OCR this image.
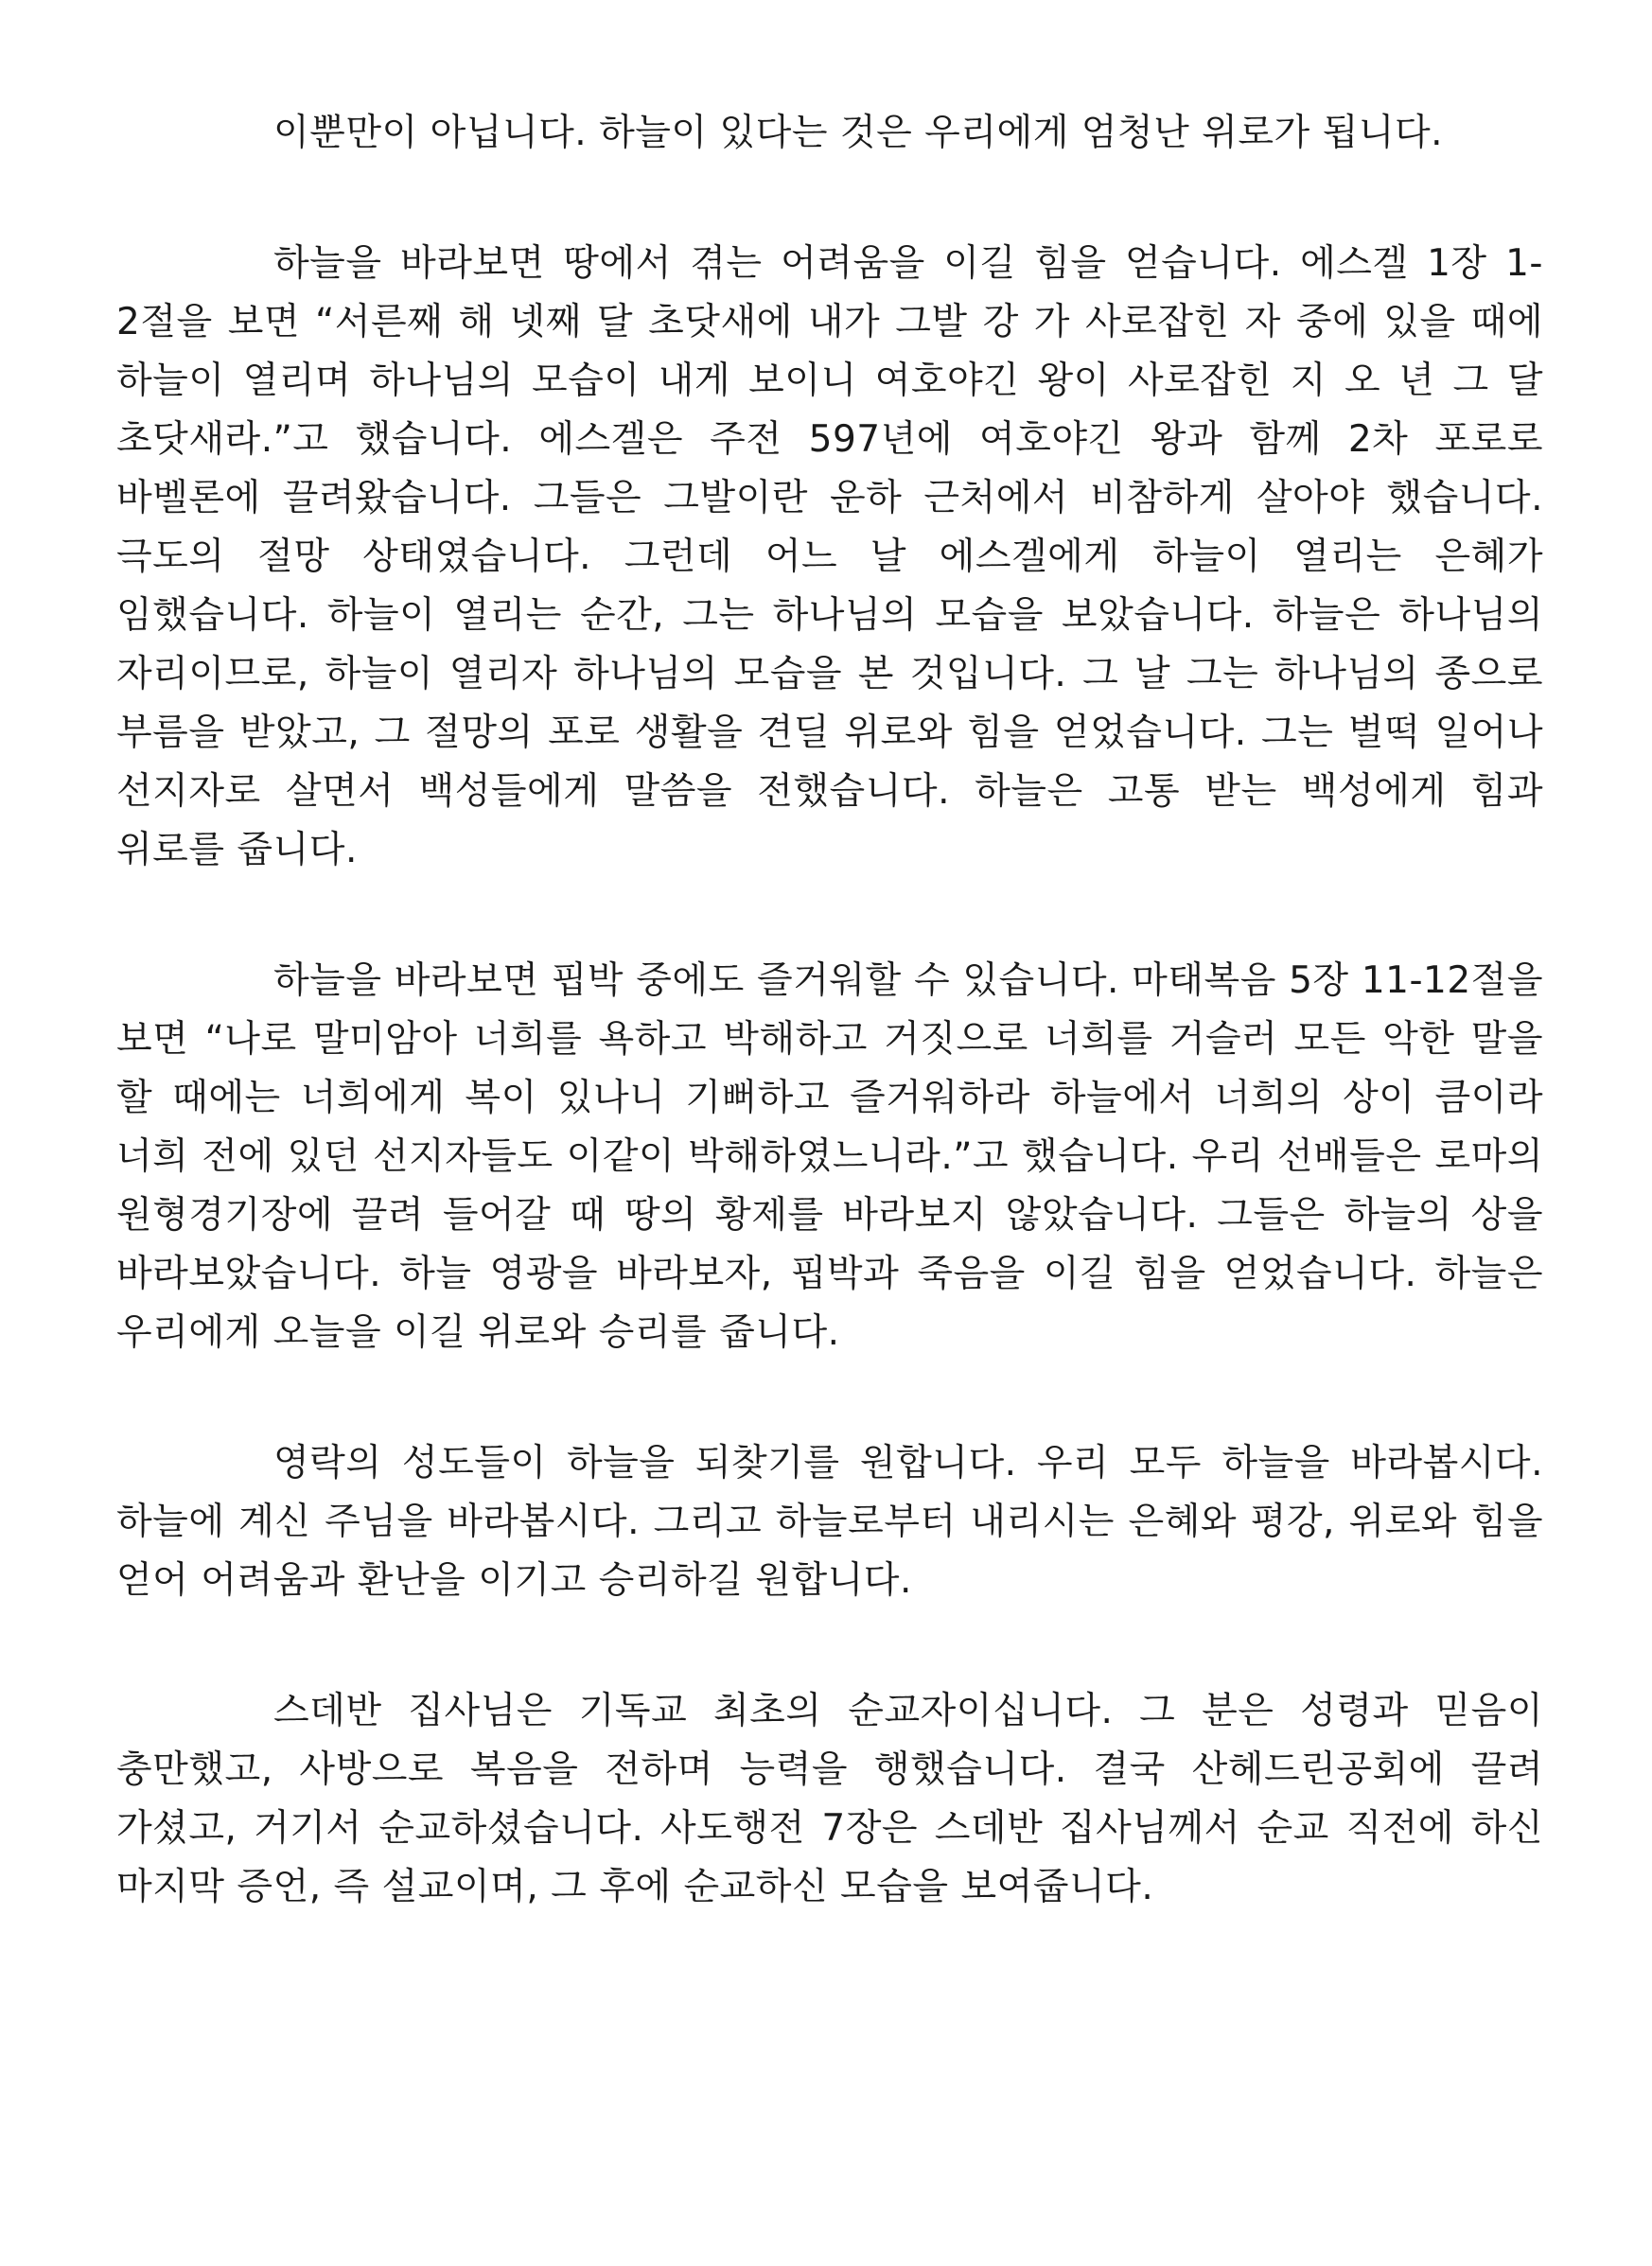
이뿐만이 아닙니다. 하늘이 있다는 것은 우리에게 엄청난 위로가 됩니다.

하늘을 바라보면 땅에서 겪는 어려움을 이길 힘을 얻습니다. 에스겔 1장 1-2절을 보면 “서른째 해 넷째 달 초닷새에 내가 그발 강 가 사로잡힌 자 중에 있을 때에 하늘이 열리며 하나님의 모습이 내게 보이니 여호야긴 왕이 사로잡힌 지 오 년 그 달 초닷새라.”고 했습니다. 에스겔은 주전 597년에 여호야긴 왕과 함께 2차 포로로 바벨론에 끌려왔습니다. 그들은 그발이란 운하 근처에서 비참하게 살아야 했습니다. 극도의 절망 상태였습니다. 그런데 어느 날 에스겔에게 하늘이 열리는 은혜가 임했습니다. 하늘이 열리는 순간, 그는 하나님의 모습을 보았습니다. 하늘은 하나님의 자리이므로, 하늘이 열리자 하나님의 모습을 본 것입니다. 그 날 그는 하나님의 종으로 부름을 받았고, 그 절망의 포로 생활을 견딜 위로와 힘을 얻었습니다. 그는 벌떡 일어나 선지자로 살면서 백성들에게 말씀을 전했습니다. 하늘은 고통 받는 백성에게 힘과 위로를 줍니다.

하늘을 바라보면 핍박 중에도 즐거워할 수 있습니다. 마태복음 5장 11-12절을 보면 “나로 말미암아 너희를 욕하고 박해하고 거짓으로 너희를 거슬러 모든 악한 말을 할 때에는 너희에게 복이 있나니 기뻐하고 즐거워하라 하늘에서 너희의 상이 큼이라 너희 전에 있던 선지자들도 이같이 박해하였느니라.”고 했습니다. 우리 선배들은 로마의 원형경기장에 끌려 들어갈 때 땅의 황제를 바라보지 않았습니다. 그들은 하늘의 상을 바라보았습니다. 하늘 영광을 바라보자, 핍박과 죽음을 이길 힘을 얻었습니다. 하늘은 우리에게 오늘을 이길 위로와 승리를 줍니다.

영락의 성도들이 하늘을 되찾기를 원합니다. 우리 모두 하늘을 바라봅시다. 하늘에 계신 주님을 바라봅시다. 그리고 하늘로부터 내리시는 은혜와 평강, 위로와 힘을 얻어 어려움과 환난을 이기고 승리하길 원합니다.

스데반 집사님은 기독교 최초의 순교자이십니다. 그 분은 성령과 믿음이 충만했고, 사방으로 복음을 전하며 능력을 행했습니다. 결국 산헤드린공회에 끌려 가셨고, 거기서 순교하셨습니다. 사도행전 7장은 스데반 집사님께서 순교 직전에 하신 마지막 증언, 즉 설교이며, 그 후에 순교하신 모습을 보여줍니다.
